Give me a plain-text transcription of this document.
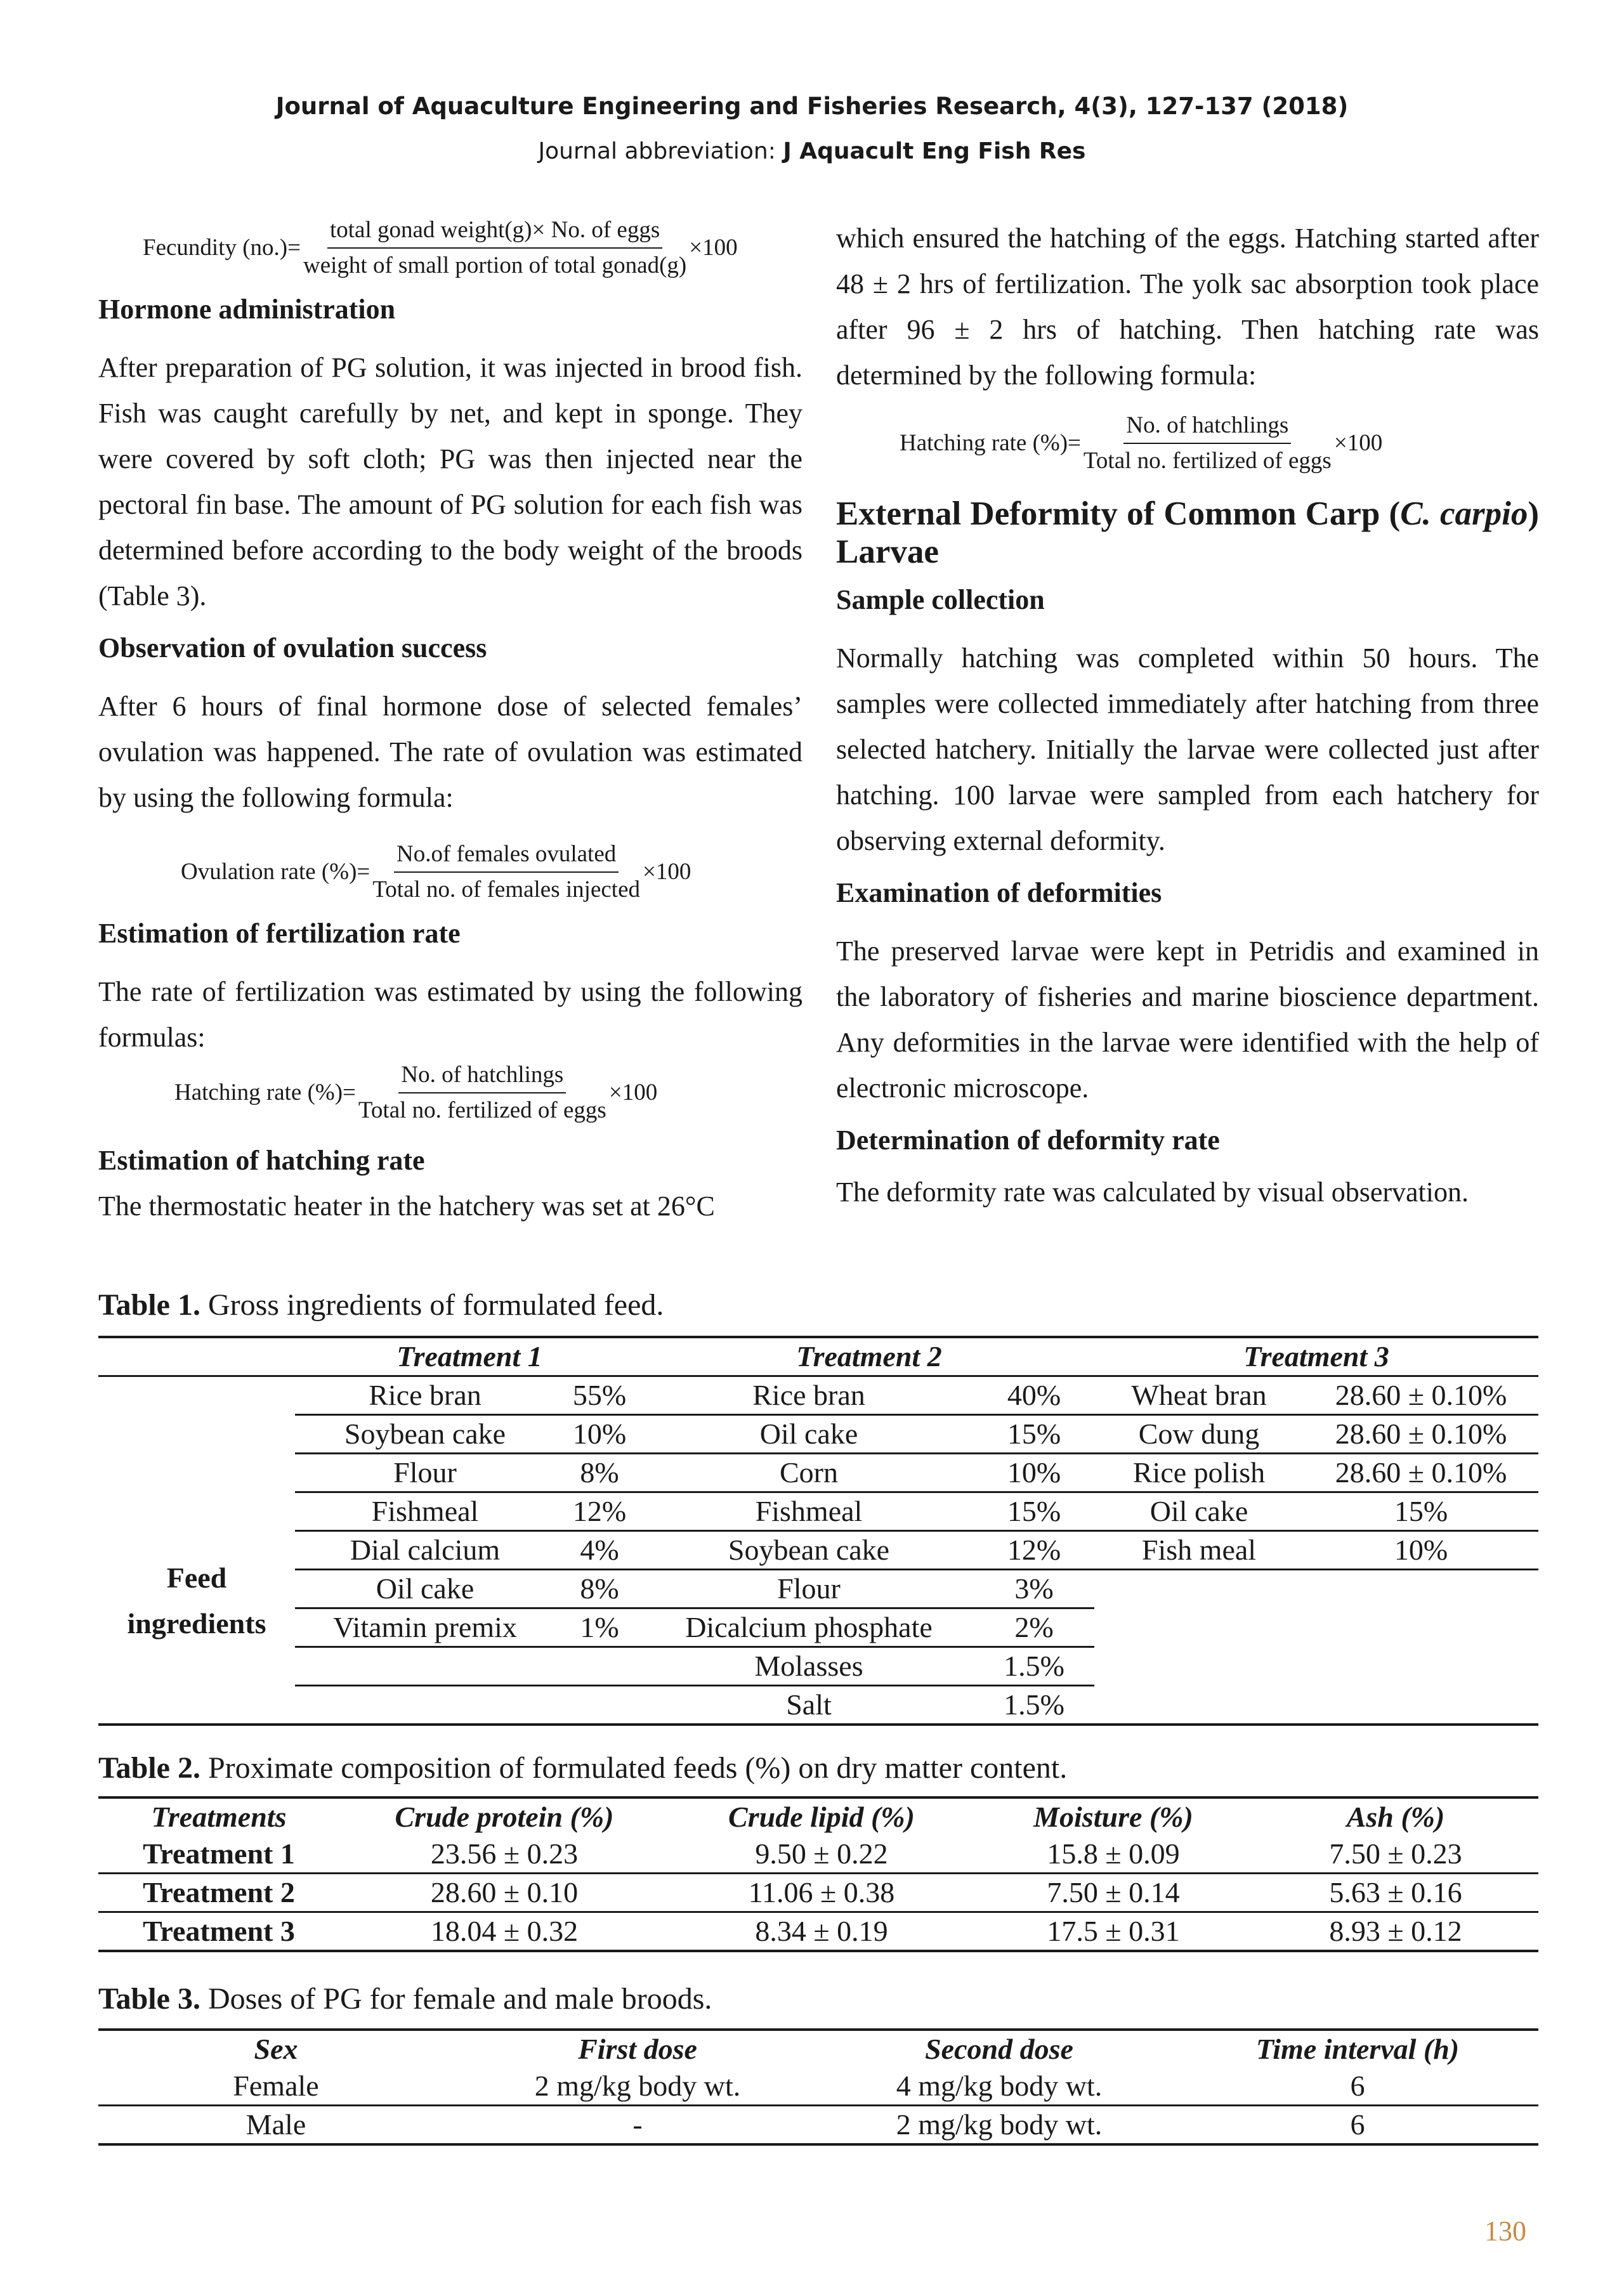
Journal of Aquaculture Engineering and Fisheries Research, 4(3), 127-137 (2018)
Journal abbreviation: J Aquacult Eng Fish Res
Fecundity $(no.)= \frac{\text{total gonad weight(g)× No. of eggs}}{\text{weight of small portion of total gonad(g)}} \times 100$
Hormone administration

After preparation of PG solution, it was injected in brood fish. Fish was caught carefully by net, and kept in sponge. They were covered by soft cloth; PG was then injected near the pectoral fin base. The amount of PG solution for each fish was determined before according to the body weight of the broods (Table 3).

Observation of ovulation success

After 6 hours of final hormone dose of selected females’ ovulation was happened. The rate of ovulation was estimated by using the following formula:

Ovulation rate (%)= $\frac{\text{No.of females ovulated}}{\text{Total no. of females injected}} \times 100$
Estimation of fertilization rate

The rate of fertilization was estimated by using the following formulas:

Hatching rate (%)= $\frac{\text{No. of hatchlings}}{\text{Total no. fertilized of eggs}} \times 100$
Estimation of hatching rate

The thermostatic heater in the hatchery was set at 26°C

which ensured the hatching of the eggs. Hatching started after 48 ± 2 hrs of fertilization. The yolk sac absorption took place after 96 ± 2 hrs of hatching. Then hatching rate was determined by the following formula:

Hatching rate (%)= $\frac{\text{No. of hatchlings}}{\text{Total no. fertilized of eggs}} \times 100$
External Deformity of Common Carp (C. carpio) Larvae
Sample collection

Normally hatching was completed within 50 hours. The samples were collected immediately after hatching from three selected hatchery. Initially the larvae were collected just after hatching. 100 larvae were sampled from each hatchery for observing external deformity.

Examination of deformities

The preserved larvae were kept in Petridis and examined in the laboratory of fisheries and marine bioscience department. Any deformities in the larvae were identified with the help of electronic microscope.

Determination of deformity rate

The deformity rate was calculated by visual observation.

Table 1. Gross ingredients of formulated feed.
	Treatment 1		Treatment 2		Treatment 3	

Feed
ingredients	Rice bran	55%	Rice bran	40%	Wheat bran	28.60 ± 0.10%
	Soybean cake	10%	Oil cake	15%	Cow dung	28.60 ± 0.10%
	Flour	8%	Corn	10%	Rice polish	28.60 ± 0.10%
	Fishmeal	12%	Fishmeal	15%	Oil cake	15%
	Dial calcium	4%	Soybean cake	12%	Fish meal	10%
	Oil cake	8%	Flour	3%		
	Vitamin premix	1%	Dicalcium phosphate	2%		
			Molasses	1.5%		
			Salt	1.5%		
Table 2. Proximate composition of formulated feeds (%) on dry matter content.
Treatments	Crude protein (%)	Crude lipid (%)	Moisture (%)	Ash (%)
Treatment 1	23.56 ± 0.23	9.50 ± 0.22	15.8 ± 0.09	7.50 ± 0.23
Treatment 2	28.60 ± 0.10	11.06 ± 0.38	7.50 ± 0.14	5.63 ± 0.16
Treatment 3	18.04 ± 0.32	8.34 ± 0.19	17.5 ± 0.31	8.93 ± 0.12
Table 3. Doses of PG for female and male broods.
Sex	First dose	Second dose	Time interval (h)
Female	2 mg/kg body wt.	4 mg/kg body wt.	6
Male	-	2 mg/kg body wt.	6
130
